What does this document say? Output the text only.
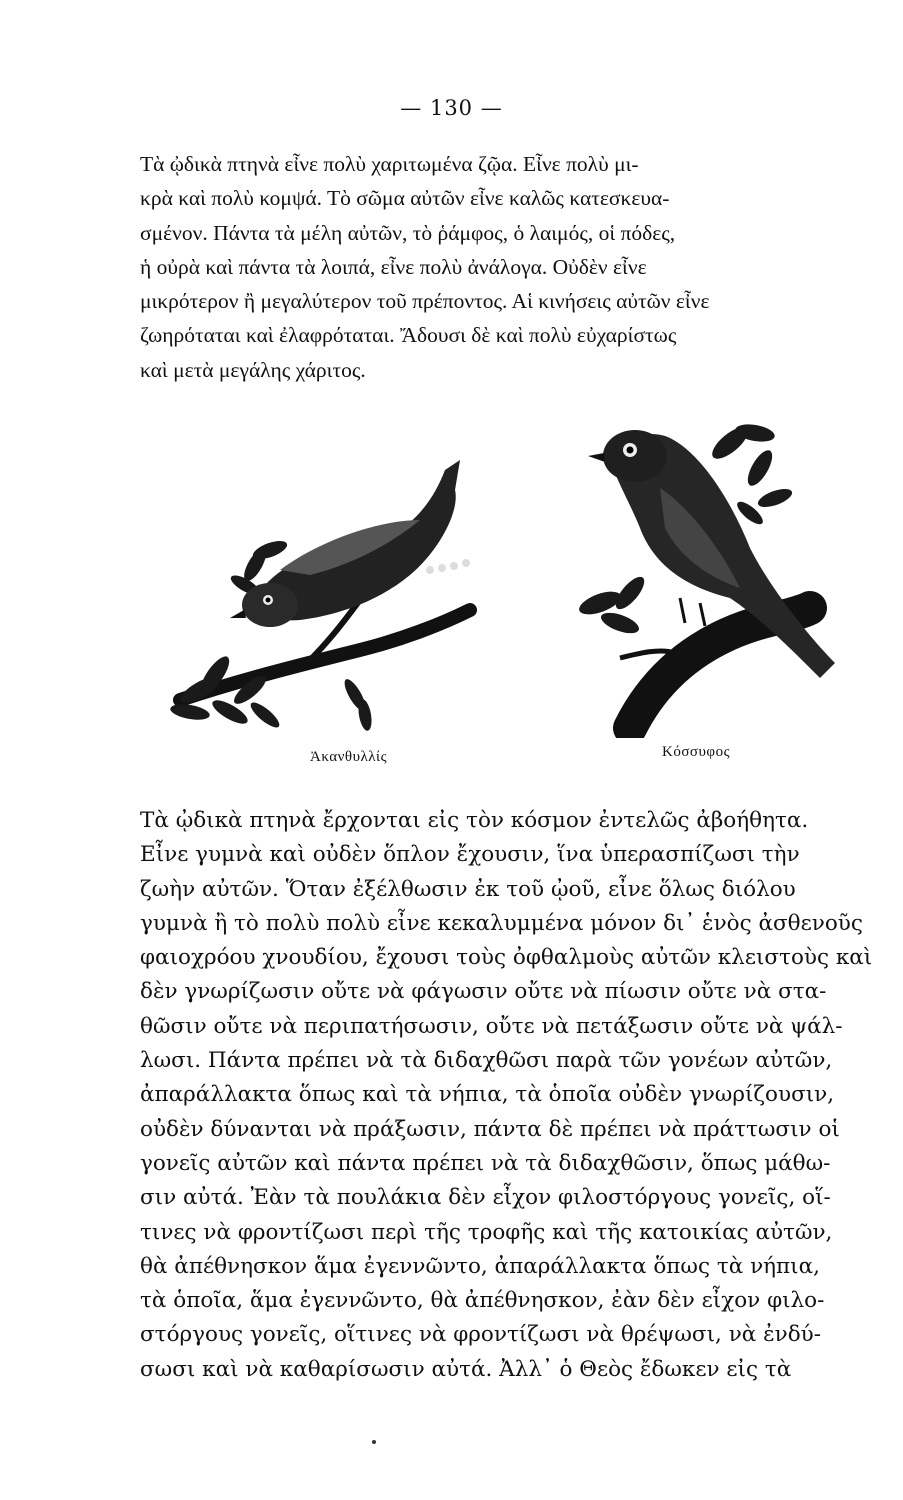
— 130 —
Τὰ ᾠδικὰ πτηνὰ εἶνε πολὺ χαριτωμένα ζῷα. Εἶνε πολὺ μι-
κρὰ καὶ πολὺ κομψά. Τὸ σῶμα αὐτῶν εἶνε καλῶς κατεσκευα-
σμένον. Πάντα τὰ μέλη αὐτῶν, τὸ ῥάμφος, ὁ λαιμός, οἱ πόδες,
ἡ οὐρὰ καὶ πάντα τὰ λοιπά, εἶνε πολὺ ἀνάλογα. Οὐδὲν εἶνε
μικρότερον ἢ μεγαλύτερον τοῦ πρέποντος. Αἱ κινήσεις αὐτῶν εἶνε
ζωηρόταται καὶ ἐλαφρόταται. Ἄδουσι δὲ καὶ πολὺ εὐχαρίστως
καὶ μετὰ μεγάλης χάριτος.
Ἀκανθυλλίς	Κόσσυφος
Τὰ ᾠδικὰ πτηνὰ ἔρχονται εἰς τὸν κόσμον ἐντελῶς ἀβοήθητα.
Εἶνε γυμνὰ καὶ οὐδὲν ὅπλον ἔχουσιν, ἵνα ὑπερασπίζωσι τὴν
ζωὴν αὐτῶν. Ὅταν ἐξέλθωσιν ἐκ τοῦ ᾠοῦ, εἶνε ὅλως διόλου
γυμνὰ ἢ τὸ πολὺ πολὺ εἶνε κεκαλυμμένα μόνον δι᾽ ἑνὸς ἀσθενοῦς
φαιοχρόου χνουδίου, ἔχουσι τοὺς ὀφθαλμοὺς αὐτῶν κλειστοὺς καὶ
δὲν γνωρίζωσιν οὔτε νὰ φάγωσιν οὔτε νὰ πίωσιν οὔτε νὰ στα-
θῶσιν οὔτε νὰ περιπατήσωσιν, οὔτε νὰ πετάξωσιν οὔτε νὰ ψάλ-
λωσι. Πάντα πρέπει νὰ τὰ διδαχθῶσι παρὰ τῶν γονέων αὐτῶν,
ἀπαράλλακτα ὅπως καὶ τὰ νήπια, τὰ ὁποῖα οὐδὲν γνωρίζουσιν,
οὐδὲν δύνανται νὰ πράξωσιν, πάντα δὲ πρέπει νὰ πράττωσιν οἱ
γονεῖς αὐτῶν καὶ πάντα πρέπει νὰ τὰ διδαχθῶσιν, ὅπως μάθω-
σιν αὐτά. Ἐὰν τὰ πουλάκια δὲν εἶχον φιλοστόργους γονεῖς, οἵ-
τινες νὰ φροντίζωσι περὶ τῆς τροφῆς καὶ τῆς κατοικίας αὐτῶν,
θὰ ἀπέθνησκον ἅμα ἐγεννῶντο, ἀπαράλλακτα ὅπως τὰ νήπια,
τὰ ὁποῖα, ἅμα ἐγεννῶντο, θὰ ἀπέθνησκον, ἐὰν δὲν εἶχον φιλο-
στόργους γονεῖς, οἵτινες νὰ φροντίζωσι νὰ θρέψωσι, νὰ ἐνδύ-
σωσι καὶ νὰ καθαρίσωσιν αὐτά. Ἀλλ᾽ ὁ Θεὸς ἔδωκεν εἰς τὰ
